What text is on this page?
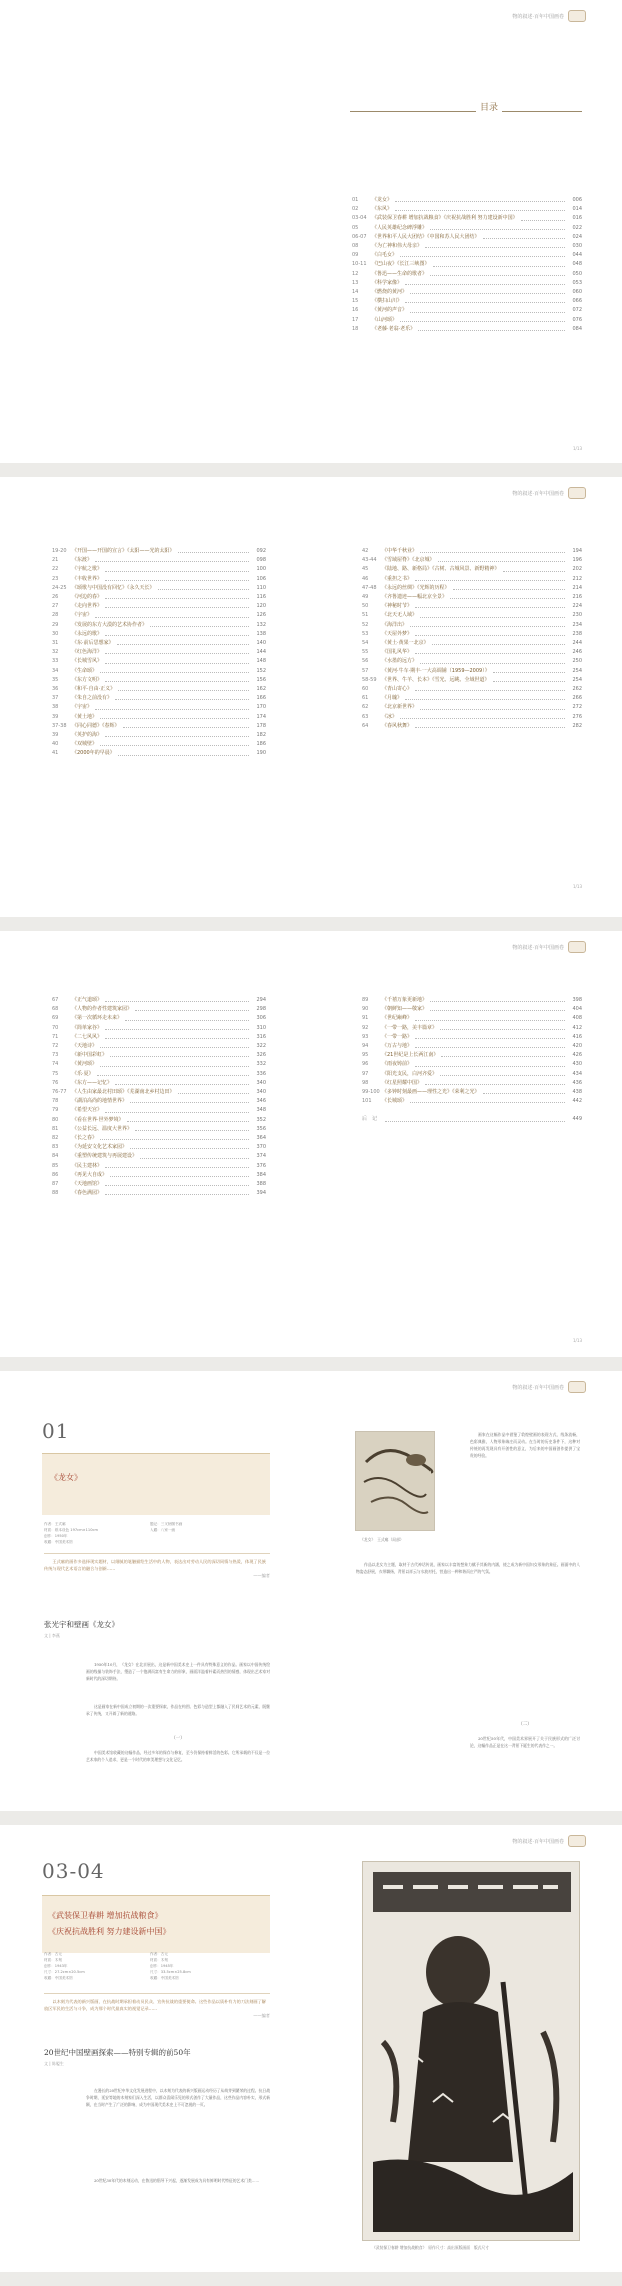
物的叙述·百年中国画卷
目录
01	《龙女》	006
02	《东风》	014
03-04	《武装保卫春耕 增加抗战粮食》《庆祝抗战胜利 努力建设新中国》	016
05	《人民英雄纪念碑浮雕》	022
06-07	《世界和平人民大团结》《中国和苏人民大团结》	024
08	《为亡神和伟大母亲》	030
09	《白毛女》	044
10-11	《巴山夜》《长江三峡图》	048
12	《鲁迅——生命的歌者》	050
13	《科学家像》	053
14	《燃烧的黄河》	060
15	《横扫山川》	066
16	《黄河的声音》	072
17	《山河颂》	076
18	《老藤·老翁·老乐》	084
1/13
物的叙述·百年中国画卷
19-20	《开国——开国的宣言》《太阳——光的太阳》	092
21	《东渡》	098
22	《宇航之歌》	100
23	《丰收世界》	106
24-25	《颂歌与中国没有回忆》《永久天长》	110
26	《河边的春》	116
27	《走向世界》	120
28	《宇宙》	126
29	《发展的东方大漠的艺术协作者》	132
30	《永远的歌》	138
31	《东·前后思想家》	140
32	《红色海洋》	144
33	《长城雪风》	148
34	《生命颂》	152
35	《东方文明》	156
36	《和平·自由·正义》	162
37	《朱自之前没有》	166
38	《宇宙》	170
39	《黄土地》	174
37-38	《同心同德》《春辉》	178
39	《英护的海》	182
40	《双城壁》	186
41	《2000年的早晨》	190
42	《中华千秋业》	194
43-44	《雪域屋脊》《北京城》	196
45	《陆地、路、新格局》《古树、古城风景、新野精神》	202
46	《重担之书》	212
47-48	《永远的丝绸》《光辉的历程》	214
49	《齐鲁遗迹——幅北京全景》	216
50	《神秘时节》	224
51	《北天无人域》	230
52	《海洋出》	234
53	《天屋外梦》	238
54	《黄土·黄果一北京》	244
55	《国礼风华》	246
56	《水墨的远方》	250
57	《黄河·牛车·期丰·一大高调铺（1959—2009）》	254
58-59	《世界、牛羊、长本》《雪光、远眺、全域世道》	254
60	《青山寄心》	262
61	《月魄》	266
62	《北京新世界》	272
63	《冰》	276
64	《春风秋舞》	282
1/13
物的叙述·百年中国画卷
67	《正气道颂》	294
68	《人物的作者性建筑家园》	298
69	《第一次循环走未来》	306
70	《简单家谷》	310
71	《二七风风》	316
72	《天地诗》	322
73	《新中国彩虹》	326
74	《黄河颂》	332
75	《乐·夏》	336
76	《东方——记忆》	340
76-77	《人生由家最北村田颂》《芜湖南北乡村边田》	340
78	《湖泊高尚的地情世界》	346
79	《希望天宫》	348
80	《看在世界·世外梦境》	352
81	《公益长远、温度大世界》	356
82	《长之春》	364
83	《为延安文化艺术家园》	370
84	《重塑传统建筑与再展建设》	374
85	《民主建林》	376
86	《再见大自成》	384
87	《天地画馆》	388
88	《春色满园》	394
89	《千禧万象更新地》	398
90	《朝鲜知——敬家》	404
91	《世纪巅峰》	408
92	《一带一路，美丰篇章》	412
93	《一带一路》	416
94	《万古与地》	420
95	《21世纪是上长两江南》	426
96	《雨夜铸前》	430
97	《阳光支民，白河齐爱》	434
98	《红星照耀中国》	436
99-100 《多钟时刻最画——理性之光》《荣利之光》	438
101	《长城颂》	442
后　记	449
1/13
物的叙述·百年中国画卷
01
《龙女》
作者：王式廓
材质：纸本设色 197cm×110cm
创作：1950年
收藏：中国美术馆
题记：三叉柄图书画
入藏：八家一画
　　王式廓的画作多选择现实题材，以细腻的笔触描绘生活中的人物，表达出对劳动人民的深切同情与热爱，体现了民族传统与现代艺术语言的融合与创新……
——编者
张光宇和壁画《龙女》
文 | 李燕
1950年10月，《龙女》在北京展出，这是新中国美术史上一件具有特殊意义的作品。画家以中国传统绘画的线描与装饰手法，塑造了一个饱满而富有生命力的形象，画面洋溢着朴素而热烈的情感，体现出艺术家对新时代的深切期待。
这是画家在新中国成立初期的一次重要探索，作品在构图、色彩与造型上都融入了民间艺术的元素，既继承了传统，又开辟了新的道路。
（一）
中国美术馆收藏的这幅作品，经过多年的保存与修复，至今仍保持着鲜活的色彩。它所承载的不仅是一位艺术家的个人追求，更是一个时代的审美理想与文化记忆。
《龙女》　王式廓（局部）
画家在这幅作品中借鉴了敦煌壁画的表现方式，线条流畅，色彩典雅，人物形象端庄而灵动。在当时的历史条件下，这种对传统的再发现具有开创性的意义，为后来的中国画创作提供了宝贵的经验。
作品以龙女为主题，取材于古代神话传说，画家以丰富的想象力赋予其新的内涵，使之成为新中国妇女形象的象征。画面中的人物姿态舒展，衣带飘扬，背景以祥云与水波衬托，营造出一种和谐而庄严的气氛。
（二）
20世纪50年代，中国美术界展开了关于民族形式的广泛讨论，这幅作品正是在这一背景下诞生的代表作之一。
物的叙述·百年中国画卷
03-04
《武装保卫春耕 增加抗战粮食》
《庆祝抗战胜利 努力建设新中国》
作者：古元
材质：木刻
创作：1943年
尺寸：27.2cm×20.5cm
收藏：中国美术馆
作者：古元
材质：木刻
创作：1945年
尺寸：33.5cm×25.8cm
收藏：中国美术馆
　　以木刻为代表的新兴版画，在抗战时期承担着动员民众、宣传抗战的重要使命。这些作品以质朴有力的刀法刻画了解放区军民的生活与斗争，成为那个时代最真实的视觉记录……
——编者
20世纪中国壁画探索——特别专辑的前50年
文 | 陈履生
在漫长的20世纪中华文化发展进程中，以木刻为代表的新兴版画运动经历了从萌芽到繁荣的过程。抗日战争时期，延安等地的木刻家们深入生活，以群众喜闻乐见的形式创作了大量作品，这些作品内容朴实，形式新颖，在当时产生了广泛的影响，成为中国现代美术史上不可忽视的一页。
20世纪30年代的木刻运动，在鲁迅的倡导下兴起，逐渐发展成为具有鲜明时代特征的艺术门类……
《武装保卫春耕 增加抗战粮食》　原作尺寸：高出原版画面　版式尺寸
